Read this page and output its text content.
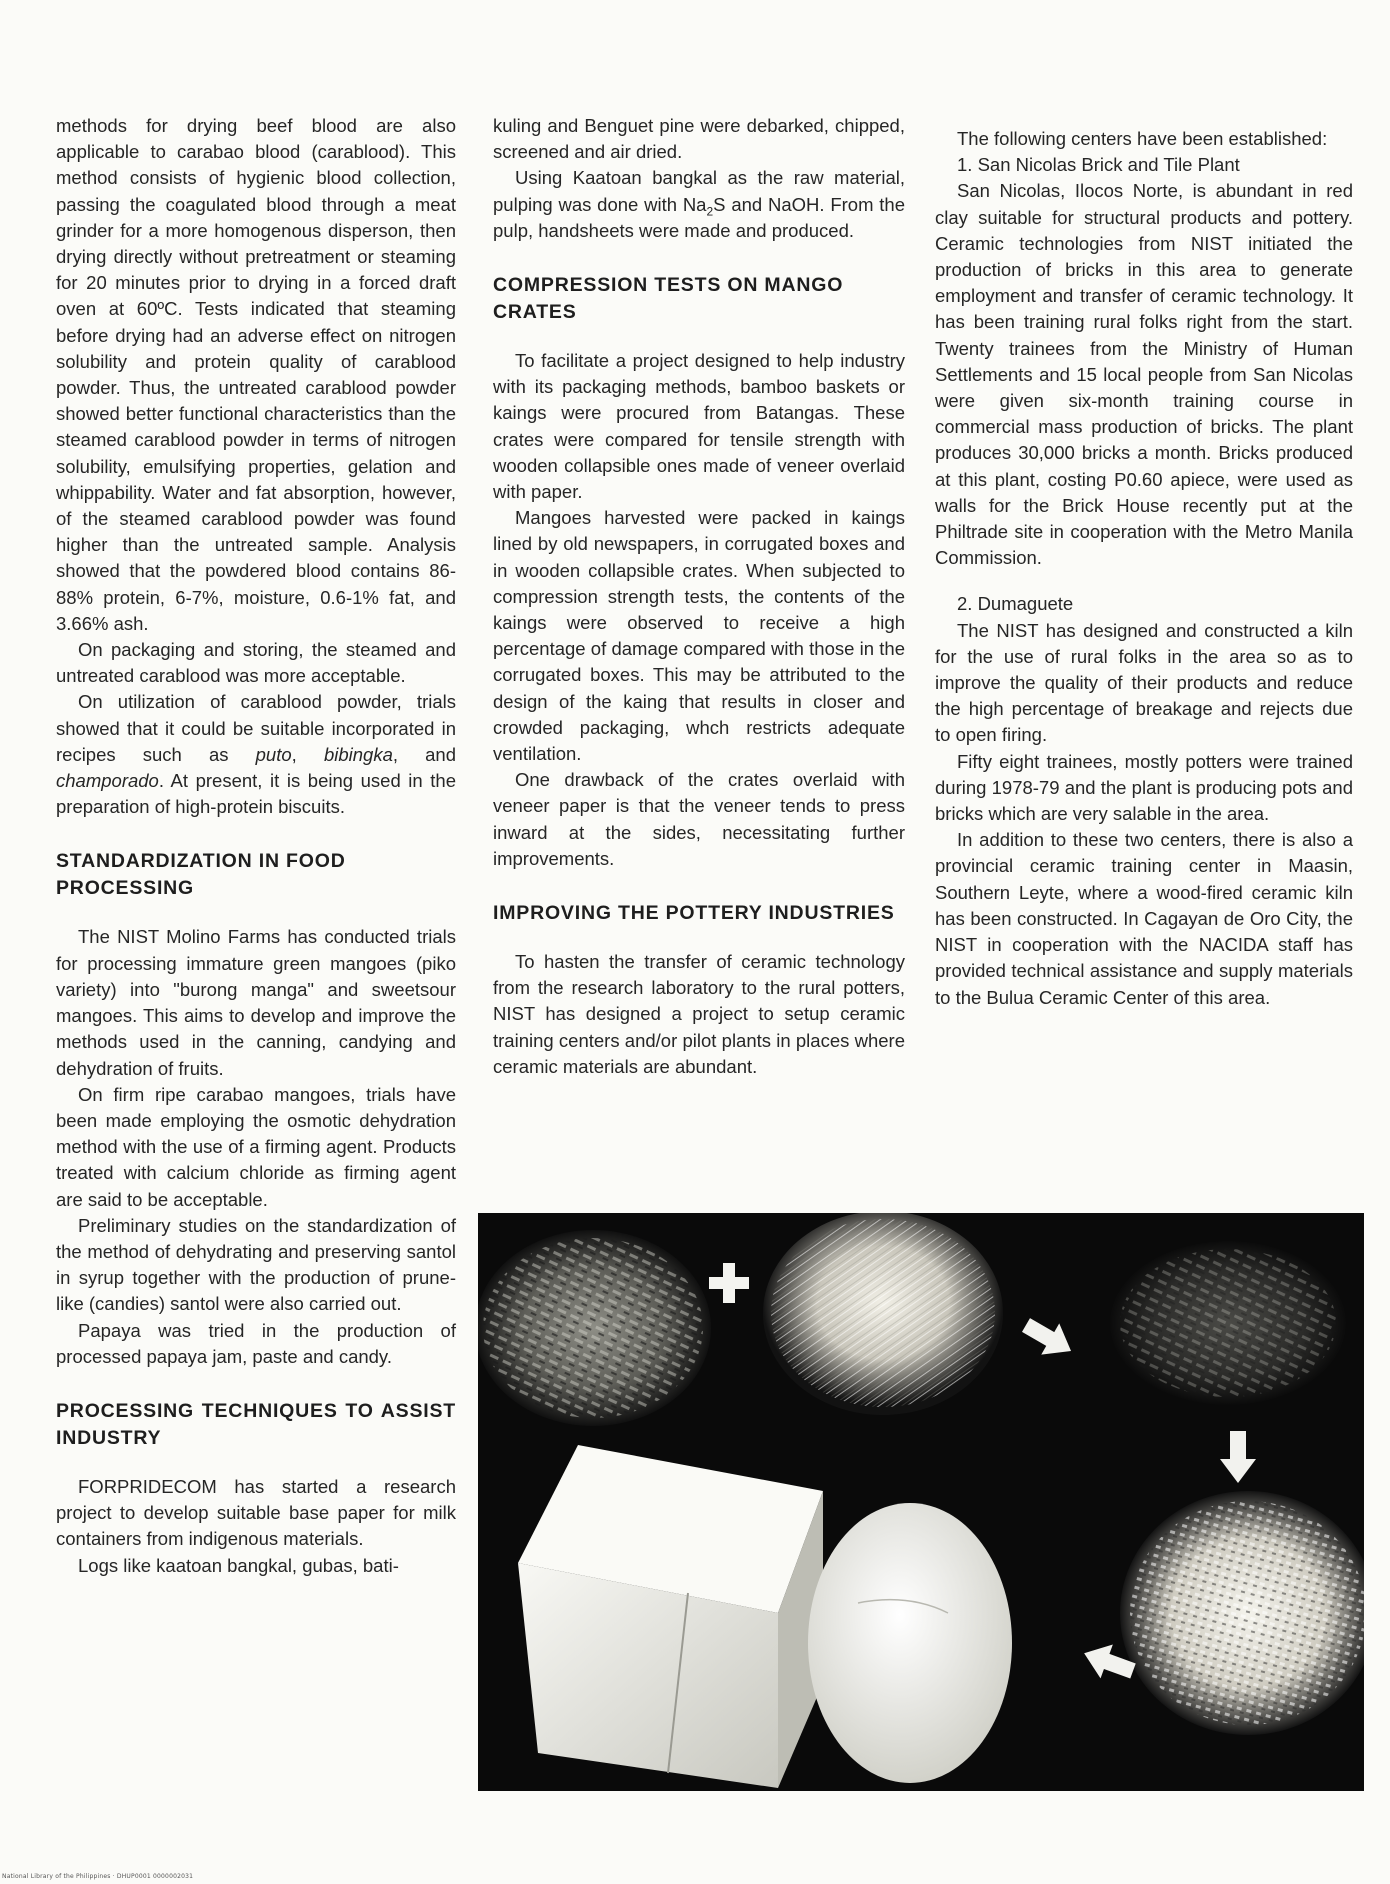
methods for drying beef blood are also applicable to carabao blood (carablood). This method consists of hygienic blood collection, passing the coagulated blood through a meat grinder for a more homogenous disperson, then drying directly without pretreatment or steaming for 20 minutes prior to drying in a forced draft oven at 60ºC. Tests indicated that steaming before drying had an adverse effect on nitrogen solubility and protein quality of carablood powder. Thus, the untreated carablood powder showed better functional characteristics than the steamed carablood powder in terms of nitrogen solubility, emulsifying properties, gelation and whippability. Water and fat absorption, however, of the steamed carablood powder was found higher than the untreated sample. Analysis showed that the powdered blood contains 86-88% protein, 6-7%, moisture, 0.6-1% fat, and 3.66% ash.

On packaging and storing, the steamed and untreated carablood was more acceptable.

On utilization of carablood powder, trials showed that it could be suitable incorporated in recipes such as puto, bibingka, and champorado. At present, it is being used in the preparation of high-protein biscuits.

STANDARDIZATION IN FOOD PROCESSING

The NIST Molino Farms has conducted trials for processing immature green mangoes (piko variety) into "burong manga" and sweetsour mangoes. This aims to develop and improve the methods used in the canning, candying and dehydration of fruits.

On firm ripe carabao mangoes, trials have been made employing the osmotic dehydration method with the use of a firming agent. Products treated with calcium chloride as firming agent are said to be acceptable.

Preliminary studies on the standardization of the method of dehydrating and preserving santol in syrup together with the production of prune-like (candies) santol were also carried out.

Papaya was tried in the production of processed papaya jam, paste and candy.

PROCESSING TECHNIQUES TO ASSIST INDUSTRY

FORPRIDECOM has started a research project to develop suitable base paper for milk containers from indigenous materials.

Logs like kaatoan bangkal, gubas, bati-

kuling and Benguet pine were debarked, chipped, screened and air dried.

Using Kaatoan bangkal as the raw material, pulping was done with $Na_2S$ and NaOH. From the pulp, handsheets were made and produced.

COMPRESSION TESTS ON MANGO CRATES

To facilitate a project designed to help industry with its packaging methods, bamboo baskets or kaings were procured from Batangas. These crates were compared for tensile strength with wooden collapsible ones made of veneer overlaid with paper.

Mangoes harvested were packed in kaings lined by old newspapers, in corrugated boxes and in wooden collapsible crates. When subjected to compression strength tests, the contents of the kaings were observed to receive a high percentage of damage compared with those in the corrugated boxes. This may be attributed to the design of the kaing that results in closer and crowded packaging, whch restricts adequate ventilation.

One drawback of the crates overlaid with veneer paper is that the veneer tends to press inward at the sides, necessitating further improvements.

IMPROVING THE POTTERY INDUSTRIES

To hasten the transfer of ceramic technology from the research laboratory to the rural potters, NIST has designed a project to setup ceramic training centers and/or pilot plants in places where ceramic materials are abundant.

The following centers have been established:

1. San Nicolas Brick and Tile Plant

San Nicolas, Ilocos Norte, is abundant in red clay suitable for structural products and pottery. Ceramic technologies from NIST initiated the production of bricks in this area to generate employment and transfer of ceramic technology. It has been training rural folks right from the start. Twenty trainees from the Ministry of Human Settlements and 15 local people from San Nicolas were given six-month training course in commercial mass production of bricks. The plant produces 30,000 bricks a month. Bricks produced at this plant, costing P0.60 apiece, were used as walls for the Brick House recently put at the Philtrade site in cooperation with the Metro Manila Commission.

2. Dumaguete

The NIST has designed and constructed a kiln for the use of rural folks in the area so as to improve the quality of their products and reduce the high percentage of breakage and rejects due to open firing.

Fifty eight trainees, mostly potters were trained during 1978-79 and the plant is producing pots and bricks which are very salable in the area.

In addition to these two centers, there is also a provincial ceramic training center in Maasin, Southern Leyte, where a wood-fired ceramic kiln has been constructed. In Cagayan de Oro City, the NIST in cooperation with the NACIDA staff has provided technical assistance and supply materials to the Bulua Ceramic Center of this area.

National Library of the Philippines · DHUP0001 0000002031
